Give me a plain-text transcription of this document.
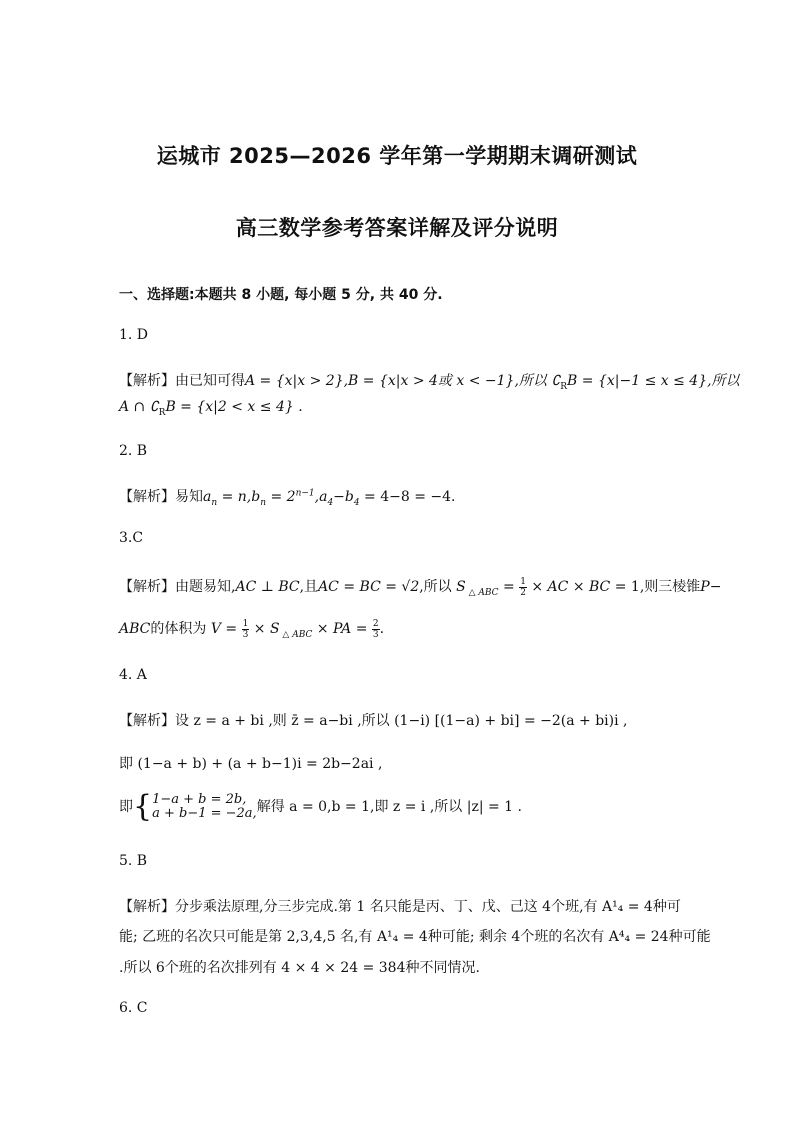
运城市 2025—2026 学年第一学期期末调研测试
高三数学参考答案详解及评分说明
一、选择题:本题共 8 小题, 每小题 5 分, 共 40 分.
1. D
【解析】由已知可得A = {x|x > 2},B = {x|x > 4或 x < −1},所以 $∁_RB = \{x|-1 \le x \le 4\}$,所以
A ∩ $∁_RB = \{x|2 < x \le 4\}$ .
2. B
【解析】易知$a_n = n,b_n = 2^{n-1},a_4-b_4 = 4-8 = -4$.
3.C
【解析】由题易知,AC ⊥ BC,且AC = BC = √2,所以 S $_{\triangle ABC} = \frac{1}{2}$ × AC × BC = 1,则三棱锥P−
ABC的体积为 $V = \frac{1}{3} \times S$ $_{\triangle ABC}$ × PA = $\frac{2}{3}$ .
4. A
【解析】设 z = a + bi ,则 z̄ = a−bi ,所以 (1−i) [(1−a) + bi] = −2(a + bi)i ,
即 (1−a + b) + (a + b−1)i = 2b−2ai ,
即{ 1−a + b = 2b,
a + b−1 = −2a, 解得 a = 0,b = 1,即 z = i ,所以 |z| = 1 .
5. B
【解析】分步乘法原理,分三步完成.第 1 名只能是丙、丁、戊、己这 4个班,有 A¹₄ = 4种可
能; 乙班的名次只可能是第 2,3,4,5 名,有 A¹₄ = 4种可能; 剩余 4个班的名次有 A⁴₄ = 24种可能
.所以 6个班的名次排列有 4 × 4 × 24 = 384种不同情况.
6. C
